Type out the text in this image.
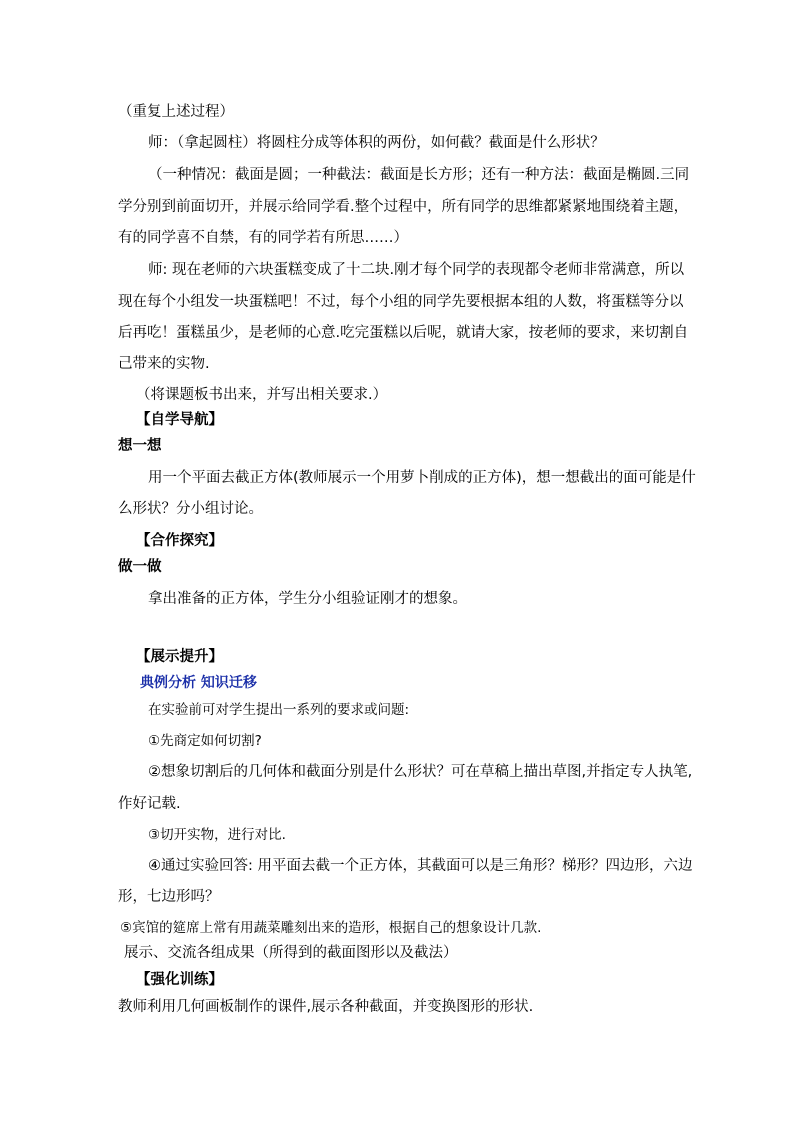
（重复上述过程）

师：（拿起圆柱）将圆柱分成等体积的两份，如何截？截面是什么形状？

（一种情况：截面是圆；一种截法：截面是长方形；还有一种方法：截面是椭圆.三同

学分别到前面切开，并展示给同学看.整个过程中，所有同学的思维都紧紧地围绕着主题，

有的同学喜不自禁，有的同学若有所思……）

师: 现在老师的六块蛋糕变成了十二块.刚才每个同学的表现都令老师非常满意，所以

现在每个小组发一块蛋糕吧！不过，每个小组的同学先要根据本组的人数，将蛋糕等分以

后再吃！蛋糕虽少，是老师的心意.吃完蛋糕以后呢，就请大家，按老师的要求，来切割自

己带来的实物.

（将课题板书出来，并写出相关要求.）

【自学导航】

想一想

用一个平面去截正方体(教师展示一个用萝卜削成的正方体)，想一想截出的面可能是什

么形状？分小组讨论。

【合作探究】

做一做

拿出准备的正方体，学生分小组验证刚才的想象。

【展示提升】

典例分析 知识迁移

在实验前可对学生提出一系列的要求或问题:

①先商定如何切割?

②想象切割后的几何体和截面分别是什么形状？可在草稿上描出草图,并指定专人执笔,

作好记载.

③切开实物，进行对比.

④通过实验回答: 用平面去截一个正方体，其截面可以是三角形？梯形？四边形，六边

形，七边形吗？

⑤宾馆的筵席上常有用蔬菜雕刻出来的造形，根据自己的想象设计几款.

展示、交流各组成果（所得到的截面图形以及截法）

【强化训练】

教师利用几何画板制作的课件,展示各种截面，并变换图形的形状.
